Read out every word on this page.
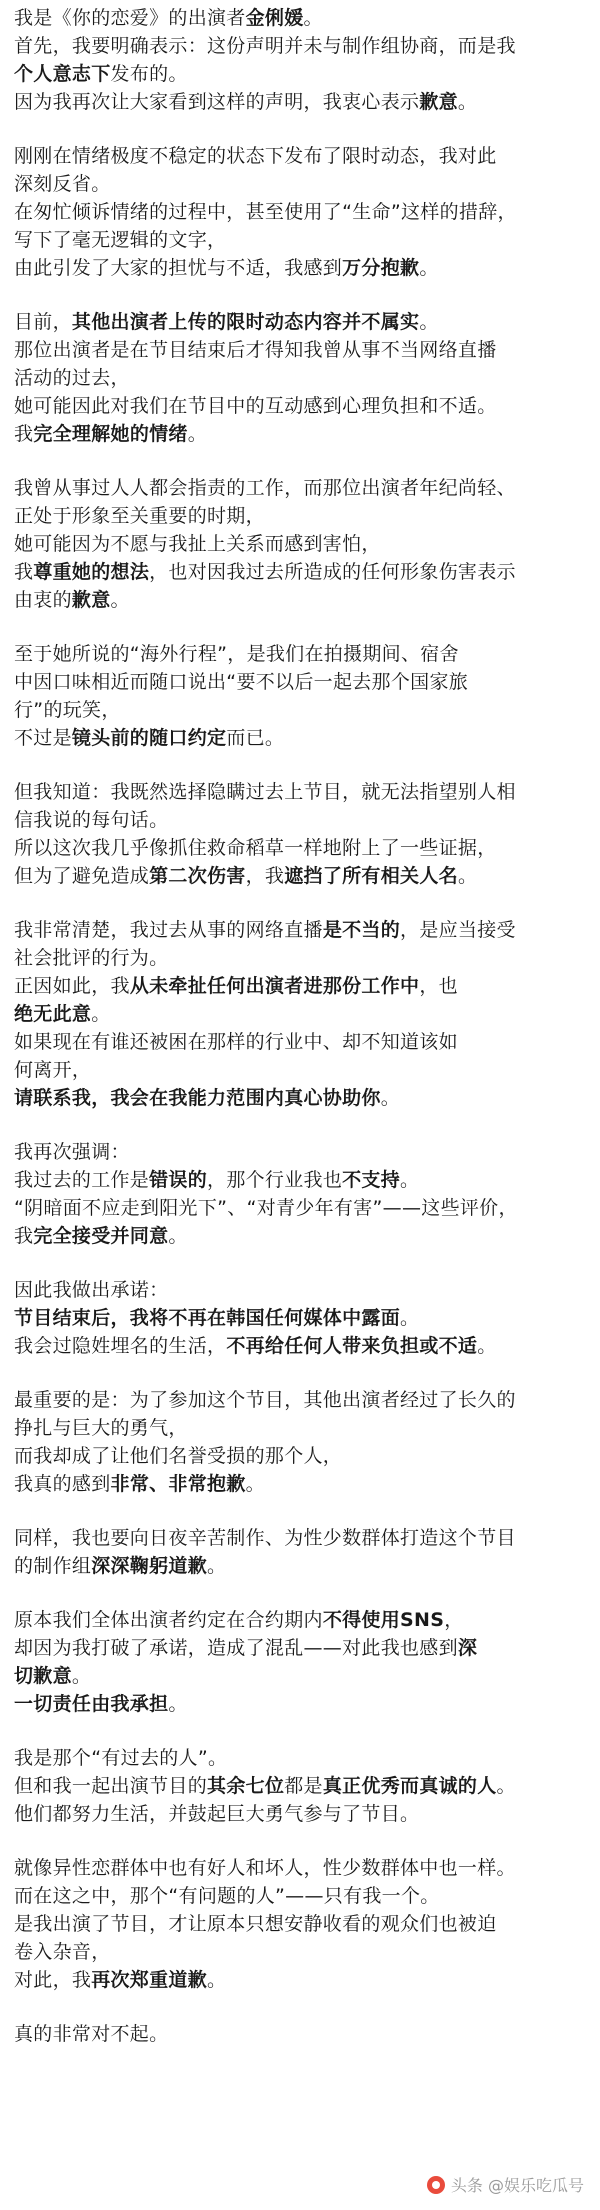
我是《你的恋爱》的出演者金俐媛。
首先，我要明确表示：这份声明并未与制作组协商，而是我
个人意志下发布的。
因为我再次让大家看到这样的声明，我衷心表示歉意。
刚刚在情绪极度不稳定的状态下发布了限时动态，我对此
深刻反省。
在匆忙倾诉情绪的过程中，甚至使用了“生命”这样的措辞，
写下了毫无逻辑的文字，
由此引发了大家的担忧与不适，我感到万分抱歉。
目前，其他出演者上传的限时动态内容并不属实。
那位出演者是在节目结束后才得知我曾从事不当网络直播
活动的过去，
她可能因此对我们在节目中的互动感到心理负担和不适。
我完全理解她的情绪。
我曾从事过人人都会指责的工作，而那位出演者年纪尚轻、
正处于形象至关重要的时期，
她可能因为不愿与我扯上关系而感到害怕，
我尊重她的想法，也对因我过去所造成的任何形象伤害表示
由衷的歉意。
至于她所说的“海外行程”，是我们在拍摄期间、宿舍
中因口味相近而随口说出“要不以后一起去那个国家旅
行”的玩笑，
不过是镜头前的随口约定而已。
但我知道：我既然选择隐瞒过去上节目，就无法指望别人相
信我说的每句话。
所以这次我几乎像抓住救命稻草一样地附上了一些证据，
但为了避免造成第二次伤害，我遮挡了所有相关人名。
我非常清楚，我过去从事的网络直播是不当的，是应当接受
社会批评的行为。
正因如此，我从未牵扯任何出演者进那份工作中，也
绝无此意。
如果现在有谁还被困在那样的行业中、却不知道该如
何离开，
请联系我，我会在我能力范围内真心协助你。
我再次强调：
我过去的工作是错误的，那个行业我也不支持。
“阴暗面不应走到阳光下”、“对青少年有害”——这些评价，
我完全接受并同意。
因此我做出承诺：
节目结束后，我将不再在韩国任何媒体中露面。
我会过隐姓埋名的生活，不再给任何人带来负担或不适。
最重要的是：为了参加这个节目，其他出演者经过了长久的
挣扎与巨大的勇气，
而我却成了让他们名誉受损的那个人，
我真的感到非常、非常抱歉。
同样，我也要向日夜辛苦制作、为性少数群体打造这个节目
的制作组深深鞠躬道歉。
原本我们全体出演者约定在合约期内不得使用SNS，
却因为我打破了承诺，造成了混乱——对此我也感到深
切歉意。
一切责任由我承担。
我是那个“有过去的人”。
但和我一起出演节目的其余七位都是真正优秀而真诚的人。
他们都努力生活，并鼓起巨大勇气参与了节目。
就像异性恋群体中也有好人和坏人，性少数群体中也一样。
而在这之中，那个“有问题的人”——只有我一个。
是我出演了节目，才让原本只想安静收看的观众们也被迫
卷入杂音，
对此，我再次郑重道歉。
真的非常对不起。
头条 @娱乐吃瓜号
